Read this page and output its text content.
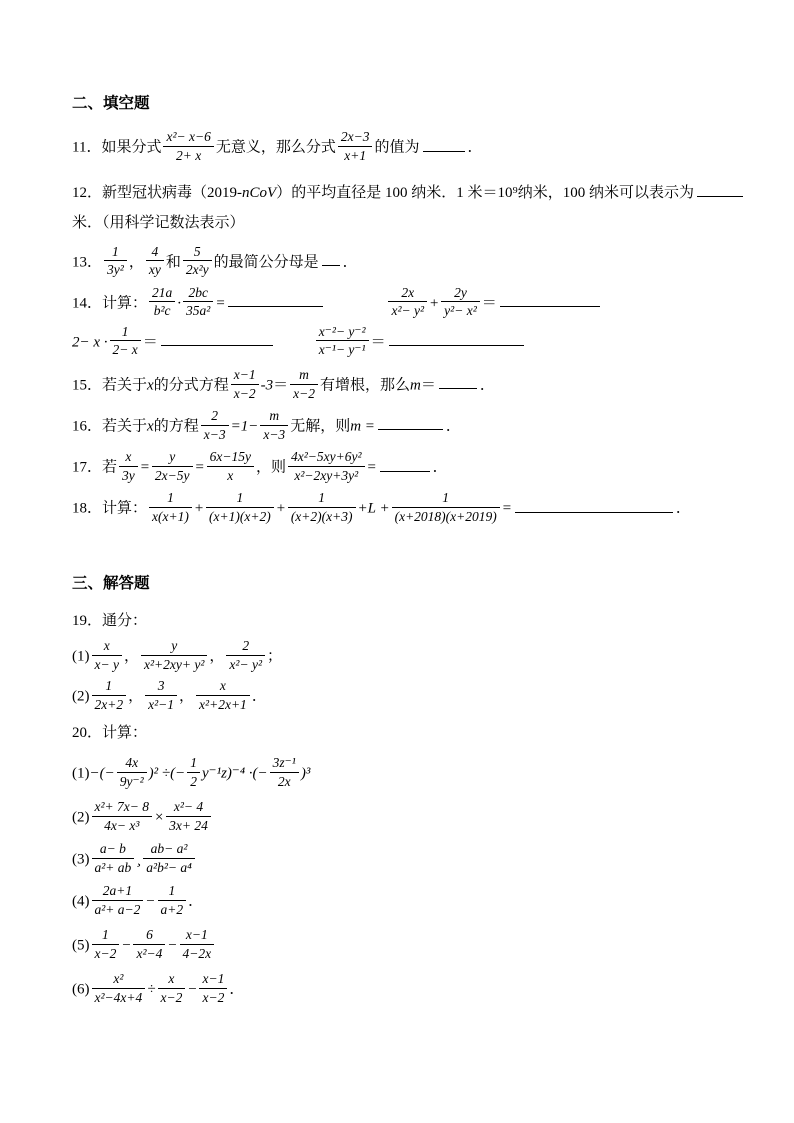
二、填空题
11．如果分式 $\frac{\text{x²− x−6}}{2+ x}$ 无意义，那么分式 $\frac{2x-3}{x+1}$ 的值为	．
12．新型冠状病毒（2019-nCoV）的平均直径是 100 纳米．1 米＝10⁹纳米，100 纳米可以表示为
米．（用科学记数法表示）
13． $\frac{1}{\text{3y²}}$ ， $\frac{4}{xy}$ 和 $\frac{5}{\text{2x²y}}$ 的最简公分母是 ．
14．计算： $\frac{21a}{\text{b²c}} \cdot \frac{2bc}{\text{35a²}}$ =	$\frac{2x}{\text{x²− y²}} + \frac{2y}{\text{y²− x²}}$ ＝
$2- x \cdot \frac{1}{2- x}$ ＝	$\frac{\text{x⁻²− y⁻²}}{\text{x⁻¹− y⁻¹}}$ ＝
15．若关于x的分式方程 $\frac{x-1}{x-2} -3= \frac{m}{x-2}$ 有增根，那么m＝	．
16．若关于x的方程 $\frac{2}{x-3} =1- \frac{m}{x-3}$ 无解，则m =	．
17．若 $\frac{x}{3y} = \frac{y}{2x-5y} = \frac{6x-15y}{x}$ ，则 $\frac{\text{4x²−5xy+6y²}}{\text{x²−2xy+3y²}}$ =	．
18．计算： $\frac{1}{x(x+1)} + \frac{1}{(x+1)(x+2)} + \frac{1}{(x+2)(x+3)} +L + \frac{1}{(x+2018)(x+2019)}$ =	．
三、解答题
19．通分：
$(1) \frac{x}{x- y}$ ， $\frac{y}{\text{x²+2xy+ y²}}$ ， $\frac{2}{\text{x²− y²}}$ ；
$(2) \frac{1}{2x+2}$ ， $\frac{3}{\text{x²−1}}$ ， $\frac{x}{\text{x²+2x+1}}$ ．
20．计算：
$(1)-(- \frac{4x}{\text{9y⁻²}} )^2$ ÷(− $\frac{1}{2} y^{-1}z)^{-4}$ ·(− $\frac{\text{3z⁻¹}}{2x} )^3$
$(2) \frac{\text{x²+ 7x− 8}}{\text{4x− x³}} \times \frac{\text{x²− 4}}{3x+ 24}$
$(3) \frac{a- b}{\text{a²+ ab}}$ ¸ $\frac{\text{ab− a²}}{\text{a²b²− a⁴}}$
$(4) \frac{2a+1}{\text{a²+ a−2}} - \frac{1}{a+2}$ ．
$(5) \frac{1}{x-2} - \frac{6}{\text{x²−4}} - \frac{x-1}{4-2x}$
$(6) \frac{\text{x²}}{\text{x²−4x+4}} \div \frac{x}{x-2} - \frac{x-1}{x-2}$ ．
